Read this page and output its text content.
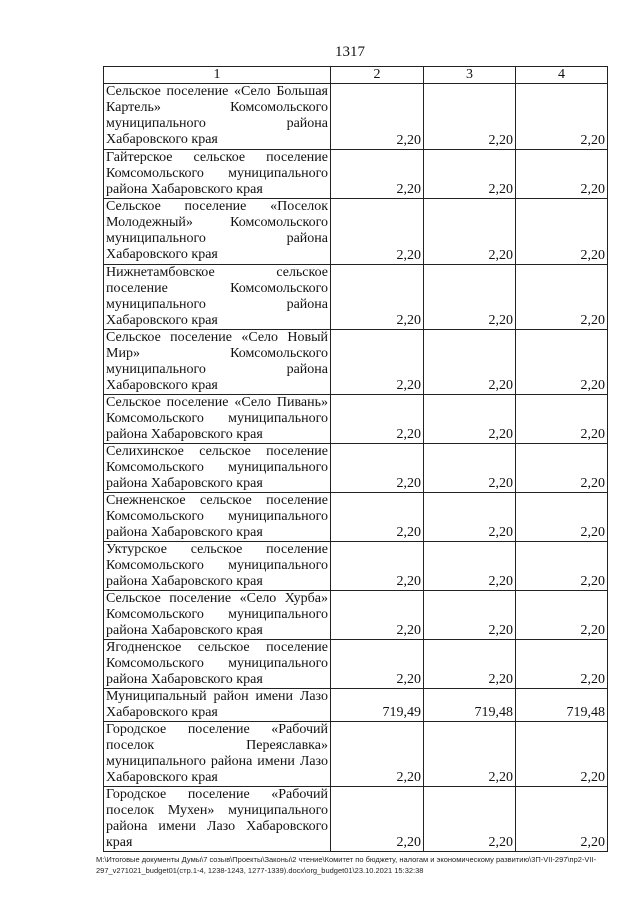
1317
1	2	3	4
Сельское поселение «Село Большая Картель» Комсомольского муниципального района Хабаровского края	2,20	2,20	2,20
Гайтерское сельское поселение Комсомольского муниципального района Хабаровского края	2,20	2,20	2,20
Сельское поселение «Поселок Молодежный» Комсомольского муниципального района Хабаровского края	2,20	2,20	2,20
Нижнетамбовское сельское поселение Комсомольского муниципального района Хабаровского края	2,20	2,20	2,20
Сельское поселение «Село Новый Мир» Комсомольского муниципального района Хабаровского края	2,20	2,20	2,20
Сельское поселение «Село Пивань» Комсомольского муниципального района Хабаровского края	2,20	2,20	2,20
Селихинское сельское поселение Комсомольского муниципального района Хабаровского края	2,20	2,20	2,20
Снежненское сельское поселение Комсомольского муниципального района Хабаровского края	2,20	2,20	2,20
Уктурское сельское поселение Комсомольского муниципального района Хабаровского края	2,20	2,20	2,20
Сельское поселение «Село Хурба» Комсомольского муниципального района Хабаровского края	2,20	2,20	2,20
Ягодненское сельское поселение Комсомольского муниципального района Хабаровского края	2,20	2,20	2,20
Муниципальный район имени Лазо Хабаровского края	719,49	719,48	719,48
Городское поселение «Рабочий поселок Переяславка» муниципального района имени Лазо Хабаровского края	2,20	2,20	2,20
Городское поселение «Рабочий поселок Мухен» муниципального района имени Лазо Хабаровского края	2,20	2,20	2,20
M:\Итоговые документы Думы\7 созыв\Проекты\Законы\2 чтение\Комитет по бюджету, налогам и экономическому развитию\3П-VII-297\пр2-VII-297_v271021_budget01(стр.1-4, 1238-1243, 1277-1339).docx\org_budget01\23.10.2021 15:32:38
